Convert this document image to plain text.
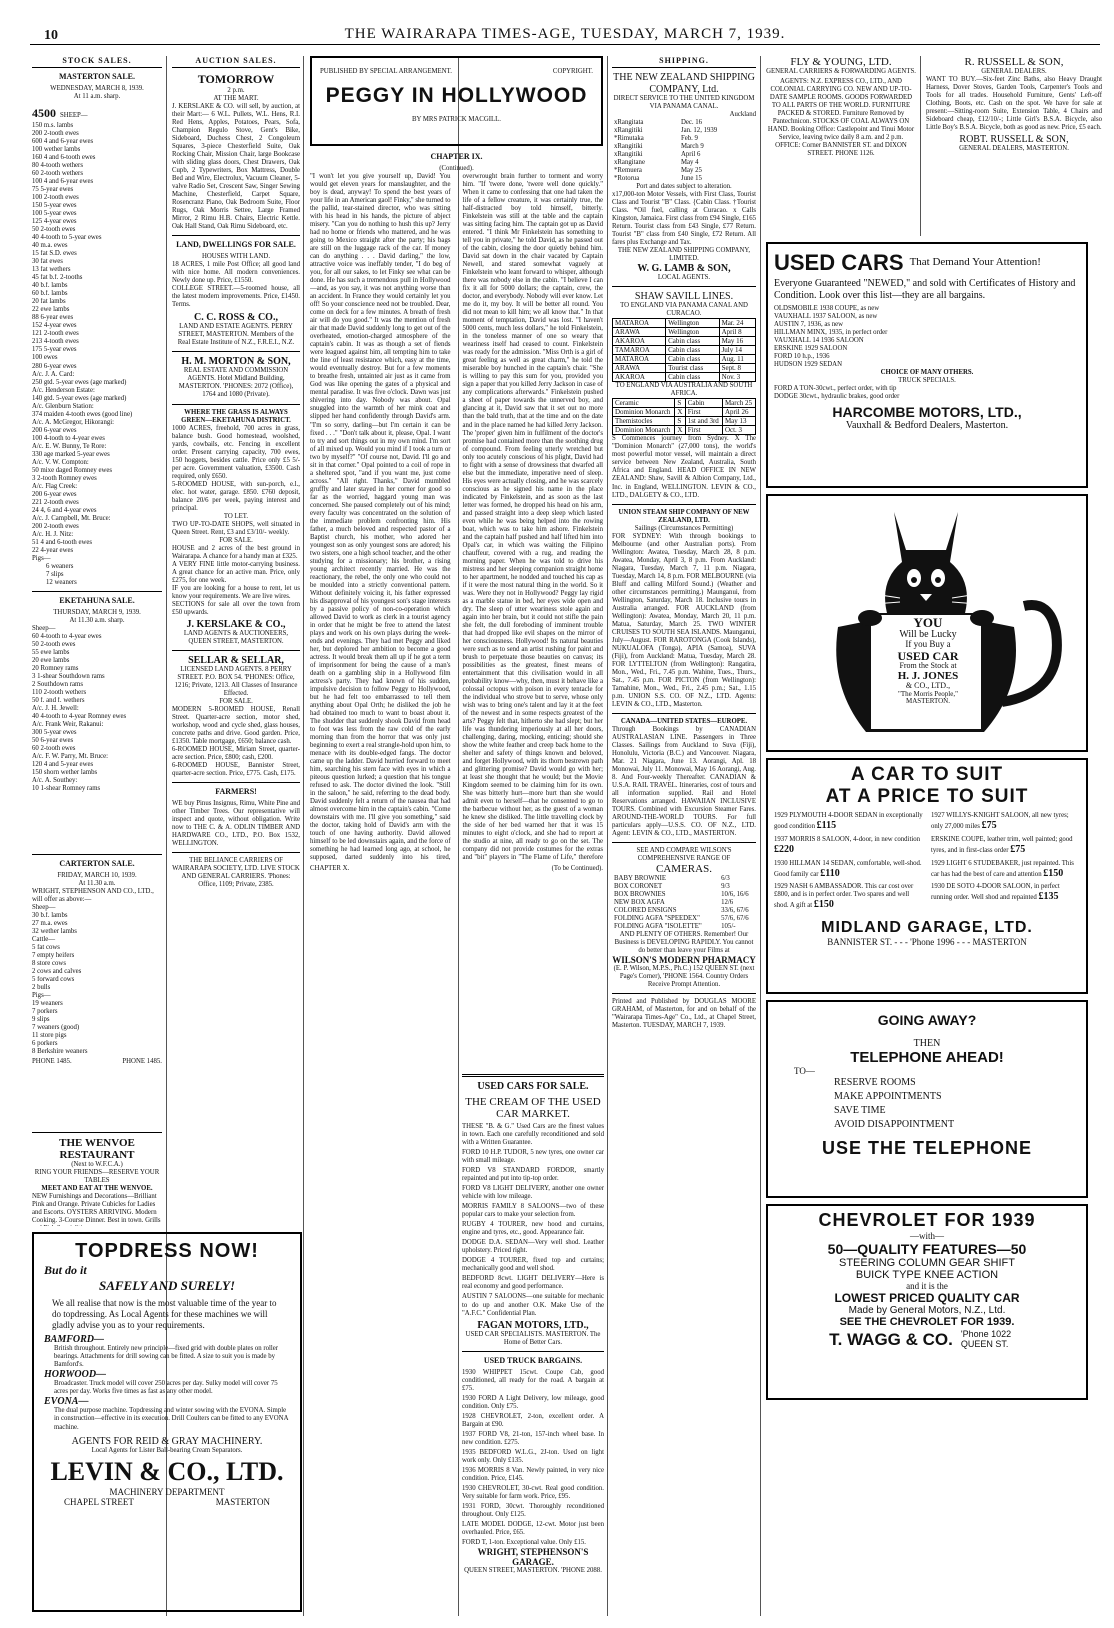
10	THE WAIRARAPA TIMES-AGE, TUESDAY, MARCH 7, 1939.
STOCK SALES.
MASTERTON SALE.
WEDNESDAY, MARCH 8, 1939.
At 11 a.m. sharp.
4500 SHEEP—
150 m.s. lambs
200 2-tooth ewes
600 4 and 6-year ewes
100 wether lambs
160 4 and 6-tooth ewes
80 4-tooth wethers
60 2-tooth wethers
100 4 and 6-year ewes
75 5-year ewes
100 2-tooth ewes
150 5-year ewes
100 5-year ewes
125 4-year ewes
50 2-tooth ewes
40 4-tooth to 5-year ewes
40 m.a. ewes
15 fat S.D. ewes
30 fat ewes
13 fat wethers
45 fat b.f. 2-tooths
40 b.f. lambs
60 b.f. lambs
20 fat lambs
22 ewe lambs
88 6-year ewes
152 4-year ewes
121 2-tooth ewes
213 4-tooth ewes
175 5-year ewes
100 ewes
280 6-year ewes
A/c. J. A. Card:
250 gtd. 5-year ewes (age marked)
A/c. Henderson Estate:
140 gtd. 5-year ewes (age marked)
A/c. Glenburn Station:
374 maiden 4-tooth ewes (good line)
A/c. A. McGregor, Hikorangi:
200 6-year ewes
100 4-tooth to 4-year ewes
A/c. E. W. Bunny, Te Rore:
330 age marked 5-year ewes
A/c. V. W. Compton:
50 mixe daged Romney ewes
3 2-tooth Romney ewes
A/c. Flag Creek:
200 6-year ewes
221 2-tooth ewes
24 4, 6 and 4-year ewes
A/c. J. Campbell, Mt. Bruce:
200 2-tooth ewes
A/c. H. J. Nitz:
51 4 and 6-tooth ewes
22 4-year ewes
Pigs—
6 weaners
7 slips
12 weaners
EKETAHUNA SALE.
THURSDAY, MARCH 9, 1939.
At 11.30 a.m. sharp.
Sheep—
60 4-tooth to 4-year ewes
50 2-tooth ewes
55 ewe lambs
20 ewe lambs
20 Romney rams
3 1-shear Southdown rams
2 Southdown rams
110 2-tooth wethers
50 f. and f. wethers
A/c. J. H. Jewell:
40 4-tooth to 4-year Romney ewes
A/c. Frank Weir, Rakanui:
300 5-year ewes
50 6-year ewes
60 2-tooth ewes
A/c. F. W. Parry, Mt. Bruce:
120 4 and 5-year ewes
150 shorn wether lambs
A/c. A. Southey:
10 1-shear Romney rams
CARTERTON SALE.
FRIDAY, MARCH 10, 1939.
At 11.30 a.m.
WRIGHT, STEPHENSON AND CO., LTD., will offer as above:—
Sheep—
30 b.f. lambs
27 m.a. ewes
32 wether lambs
Cattle—
5 fat cows
7 empty heifers
8 store cows
2 cows and calves
5 forward cows
2 bulls
Pigs—
19 weaners
7 porkers
9 slips
7 weaners (good)
11 store pigs
6 porkers
8 Berkshire weaners
PHONE 1485.	PHONE 1485.
THE WENVOE RESTAURANT
(Next to W.F.C.A.)
RING YOUR FRIENDS—RESERVE YOUR TABLES
MEET AND EAT AT THE WENVOE.
NEW Furnishings and Decorations—Brilliant Pink and Orange. Private Cubicles for Ladies and Escorts. OYSTERS ARRIVING. Modern Cooking. 3-Course Dinner. Best in town. Grills
AUCTION SALES.
TOMORROW
2 p.m.
AT THE MART.
J. KERSLAKE & CO. will sell, by auction, at their Mart:— 6 W.L. Pullets, W.L. Hens, R.I. Red Hens, Apples, Potatoes, Pears, Sofa, Champion Regulo Stove, Gent's Bike, Sideboard, Duchess Chest, 2 Congoleum Squares, 3-piece Chesterfield Suite, Oak Rocking Chair, Mission Chair, large Bookcase with sliding glass doors, Chest Drawers, Oak Cupb, 2 Typewriters, Box Mattress, Double Bed and Wire, Electrolux, Vacuum Cleaner, 5-valve Radio Set, Crescent Saw, Singer Sewing Machine, Chesterfield, Carpet Square, Rosencranz Piano, Oak Bedroom Suite, Floor Rugs, Oak Morris Settee, Large Framed Mirror, 2 Rimu H.B. Chairs, Electric Kettle. Oak Hall Stand, Oak Rimu Sideboard, etc.
LAND, DWELLINGS FOR SALE.
HOUSES WITH LAND.
18 ACRES, 1 mile Post Office; all good land with nice home. All modern conveniences. Newly done up. Price, £1550.
COLLEGE STREET.—5-roomed house, all the latest modern improvements. Price, £1450. Terms.
C. C. ROSS & CO.,
LAND AND ESTATE AGENTS. PERRY STREET, MASTERTON. Members of the Real Estate Institute of N.Z., F.R.E.I., N.Z.
H. M. MORTON & SON,
REAL ESTATE AND COMMISSION AGENTS. Hotel Midland Building, MASTERTON. 'PHONES: 2072 (Office), 1764 and 1080 (Private).
WHERE THE GRASS IS ALWAYS GREEN—EKETAHUNA DISTRICT.
1000 ACRES, freehold, 700 acres in grass, balance bush. Good homestead, woolshed, yards, cowbails, etc. Fencing in excellent order. Present carrying capacity, 700 ewes, 150 hoggets, besides cattle. Price only £5 5/- per acre. Government valuation, £3500. Cash required, only £650.
5-ROOMED HOUSE, with sun-porch, e.l., elec. hot water, garage. £850. £760 deposit, balance 20/6 per week, paying interest and principal.
TO LET.
TWO UP-TO-DATE SHOPS, well situated in Queen Street. Rent, £3 and £3/10/- weekly.
FOR SALE.
HOUSE and 2 acres of the best ground in Wairarapa. A chance for a handy man at £325.
A VERY FINE little motor-carrying business. A great chance for an active man. Price, only £275, for one week.
IF you are looking for a house to rent, let us know your requirements. We are live wires.
SECTIONS for sale all over the town from £50 upwards.
J. KERSLAKE & CO.,
LAND AGENTS & AUCTIONEERS, QUEEN STREET, MASTERTON.
SELLAR & SELLAR,
LICENSED LAND AGENTS. 8 PERRY STREET. P.O. BOX 54. 'PHONES: Office, 1216; Private, 1213. All Classes of Insurance Effected.
FOR SALE.
MODERN 5-ROOMED HOUSE, Renall Street. Quarter-acre section, motor shed, workshop, wood and cycle shed, glass houses, concrete paths and drive. Good garden. Price, £1350. Table mortgage, £650; balance cash.
6-ROOMED HOUSE, Miriam Street, quarter-acre section. Price, £800; cash, £200.
6-ROOMED HOUSE, Bannister Street, quarter-acre section. Price, £775. Cash, £175.
FARMERS!
WE buy Pinus Insignus, Rimu, White Pine and other Timber Trees. Our representative will inspect and quote, without obligation. Write now to THE C. & A. ODLIN TIMBER AND HARDWARE CO., LTD., P.O. Box 1532, WELLINGTON.
THE BELIANCE CARRIERS OF WAIRARAPA SOCIETY, LTD. LIVE STOCK AND GENERAL CARRIERS. 'Phones: Office, 1109; Private, 2385.
PUBLISHED BY SPECIAL ARRANGEMENT.	COPYRIGHT.
PEGGY IN HOLLYWOOD
BY MRS PATRICK MACGILL.
CHAPTER IX.
(Continued).
"I won't let you give yourself up, David! You would get eleven years for manslaughter, and the boy is dead, anyway! To spend the best years of your life in an American gaol! Finky," she turned to the pallid, tear-stained director, who was sitting with his head in his hands, the picture of abject misery. "Can you do nothing to hush this up? Jerry had no home or friends who mattered, and he was going to Mexico straight after the party; his bags are still on the luggage rack of the car. If money can do anything . . . David darling," the low, attractive voice was ineffably tender, "I do beg of you, for all our sakes, to let Finky see what can be done. He has such a tremendous pull in Hollywood—and, as you say, it was not anything worse than an accident. In France they would certainly let you off! So your conscience need not be troubled. Dear, come on deck for a few minutes. A breath of fresh air will do you good." It was the mention of fresh air that made David suddenly long to get out of the overheated, emotion-charged atmosphere of the captain's cabin. It was as though a set of fiends were leagued against him, all tempting him to take the line of least resistance which, easy at the time, would eventually destroy. But for a few moments to breathe fresh, untainted air just as it came from God was like opening the gates of a physical and mental paradise. It was five o'clock. Dawn was just shivering into day. Nobody was about. Opal snuggled into the warmth of her mink coat and slipped her hand confidently through David's arm. "I'm so sorry, darling—but I'm certain it can be fixed . . ." "Don't talk about it, please, Opal. I want to try and sort things out in my own mind. I'm sort of all mixed up. Would you mind if I took a turn or two by myself?" "Of course not, David. I'll go and sit in that corner." Opal pointed to a coil of rope in a sheltered spot, "and if you want me, just come across." "All right. Thanks," David mumbled gruffly and later stayed in her corner for good so far as the worried, haggard young man was concerned. She paused completely out of his mind; every faculty was concentrated on the solution of the immediate problem confronting him. His father, a much beloved and respected pastor of a Baptist church, his mother, who adored her youngest son as only youngest sons are adored; his two sisters, one a high school teacher, and the other studying for a missionary; his brother, a rising young architect recently married. He was the reactionary, the rebel, the only one who could not be moulded into a strictly conventional pattern. Without definitely voicing it, his father expressed his disapproval of his youngest son's stage interests by a passive policy of non-co-operation which allowed David to work as clerk in a tourist agency in order that he might be free to attend the latest plays and work on his own plays during the week-ends and evenings. They had met Peggy and liked her, but deplored her ambition to become a good actress. It would break them all up if he got a term of imprisonment for being the cause of a man's death on a gambling ship in a Hollywood film actress's party. They had known of his sudden, impulsive decision to follow Peggy to Hollywood, but he had felt too embarrassed to tell them anything about Opal Orth; he disliked the job he had obtained too much to want to boast about it. The shudder that suddenly shook David from head to foot was less from the raw cold of the early morning than from the horror that was only just beginning to exert a real strangle-hold upon him, to menace with its double-edged fangs. The doctor came up the ladder. David hurried forward to meet him, searching his stern face with eyes in which a piteous question lurked; a question that his tongue refused to ask. The doctor divined the look. "Still in the saloon," he said, referring to the dead body. David suddenly felt a return of the nausea that had almost overcome him in the captain's cabin. "Come downstairs with me. I'll give you something," said the doctor, taking hold of David's arm with the touch of one having authority. David allowed himself to be led downstairs again, and the force of something he had learned long ago, at school, he supposed, darted suddenly into his tired, overwrought brain further to torment and worry him. "If 'twere done, 'twere well done quickly." When it came to confessing that one had taken the life of a fellow creature, it was certainly true, the half-distracted boy told himself, bitterly. Finkelstein was still at the table and the captain was sitting facing him. The captain got up as David entered. "I think Mr Finkelstein has something to tell you in private," he told David, as he passed out of the cabin, closing the door quietly behind him. David sat down in the chair vacated by Captain Newell, and stared somewhat vaguely at Finkelstein who leant forward to whisper, although there was nobody else in the cabin. "I believe I can fix it all for 5000 dollars; the captain, crew, the doctor, and everybody. Nobody will ever know. Let me do it, my boy. It will be better all round. You did not mean to kill him; we all know that." In that moment of temptation, David was lost. "I haven't 5000 cents, much less dollars," he told Finkelstein, in the toneless manner of one so weary that weariness itself had ceased to count. Finkelstein was ready for the admission. "Miss Orth is a girl of great feeling as well as great charm," he told the miserable boy hunched in the captain's chair. "She is willing to pay this sum for you, provided you sign a paper that you killed Jerry Jackson in case of any complications afterwards." Finkelstein pushed a sheet of paper towards the unnerved boy, and glancing at it, David saw that it set out no more than the bald truth, that at the time and on the date and in the place named he had killed Jerry Jackson. The 'proper' given him in fulfilment of the doctor's promise had contained more than the soothing drug of compound. From feeling utterly wretched but only too acutely conscious of his plight, David had to fight with a sense of drowsiness that dwarfed all else but the immediate, imperative need of sleep. His eyes were actually closing, and he was scarcely conscious as he signed his name in the place indicated by Finkelstein, and as soon as the last letter was formed, he dropped his head on his arm, and passed straight into a deep sleep which lasted even while he was being helped into the rowing boat, which was to take him ashore. Finkelstein and the captain half pushed and half lifted him into Opal's car, in which was waiting the Filipino chauffeur, covered with a rug, and reading the morning paper. When he was told to drive his mistress and her sleeping companion straight home to her apartment, he nodded and touched his cap as if it were the most natural thing in the world. So it was. Were they not in Hollywood? Peggy lay rigid as a marble statue in bed, her eyes wide open and dry. The sleep of utter weariness stole again and again into her brain, but it could not stifle the pain she felt, the dull foreboding of imminent trouble that had dropped like evil shapes on the mirror of her consciousness. Hollywood! Its natural beauties were such as to send an artist rushing for paint and brush to perpetuate those beauties on canvas; its possibilities as the greatest, finest means of entertainment that this civilisation would in all probability know—why, then, must it behave like a colossal octopus with poison in every tentacle for the individual who strove but to serve, whose only wish was to bring one's talent and lay it at the feet of the newest and in some respects greatest of the arts? Peggy felt that, hitherto she had slept; but her life was thundering imperiously at all her doors, challenging, daring, mocking, enticing; should she show the white feather and creep back home to the shelter and safety of things known and beloved, and forget Hollywood, with its thorn bestrewn path and glittering promise? David would go with her; at least she thought that he would; but the Movie Kingdom seemed to be claiming him for its own. She was bitterly hurt—more hurt than she would admit even to herself—that he consented to go to the barbecue without her, as the guest of a woman he knew she disliked. The little travelling clock by the side of her bed warned her that it was 15 minutes to eight o'clock, and she had to report at the studio at nine, all ready to go on the set. The company did not provide costumes for the extras and "bit" players in "The Flame of Life," therefore
CHAPTER X.	(To be Continued).
USED CARS FOR SALE.
THE CREAM OF THE USED CAR MARKET.
THESE "B. & G." Used Cars are the finest values in town. Each one carefully reconditioned and sold with a Written Guarantee.
FORD 10 H.P. TUDOR, 5 new tyres, one owner car with small mileage.
FORD V8 STANDARD FORDOR, smartly repainted and put into tip-top order.
FORD V8 LIGHT DELIVERY, another one owner vehicle with low mileage.
MORRIS FAMILY 8 SALOONS—two of these popular cars to make your selection from.
RUGBY 4 TOURER, new hood and curtains, engine and tyres, etc., good. Appearance fair.
DODGE D.A. SEDAN—Very well shod. Leather upholstery. Priced right.
DODGE 4 TOURER, fixed top and curtains; mechanically good and well shod.
BEDFORD 8cwt. LIGHT DELIVERY—Here is real economy and good performance.
AUSTIN 7 SALOONS—one suitable for mechanic to do up and another O.K. Make Use of the "A.F.C." Confidential Plan.
FAGAN MOTORS, LTD.,
USED CAR SPECIALISTS. MASTERTON. The Home of Better Cars.
USED TRUCK BARGAINS.
1930 WHIPPET 15cwt. Coupe Cab, good conditioned, all ready for the road. A bargain at £75.
1930 FORD A Light Delivery, low mileage, good condition. Only £75.
1928 CHEVROLET, 2-ton, excellent order. A Bargain at £90.
1937 FORD V8, 21-ton, 157-inch wheel base. In new condition. £275.
1935 BEDFORD W.L.G., 2J-ton. Used on light work only. Only £135.
1936 MORRIS 8 Van. Newly painted, in very nice condition. Price, £145.
1930 CHEVROLET, 30-cwt. Real good condition. Very suitable for farm work. Price, £95.
1931 FORD, 30cwt. Thoroughly reconditioned throughout. Only £125.
LATE MODEL DODGE, 12-cwt. Motor just been overhauled. Price, £65.
FORD T, 1-ton. Exceptional value. Only £15.
WRIGHT, STEPHENSON'S GARAGE.
QUEEN STREET, MASTERTON. 'PHONE 2088.
SHIPPING.
THE NEW ZEALAND SHIPPING COMPANY, Ltd.
DIRECT SERVICE TO THE UNITED KINGDOM VIA PANAMA CANAL.
Auckland
xRangitata	Dec. 16
xRangitiki	Jan. 12, 1939
*Rimutaka	Feb. 9
xRangitiki	March 9
xRangitiki	April 6
xRangitane	May 4
*Remuera	May 25
*Rotorua	June 15
Port and dates subject to alteration.
x17,000-ton Motor Vessels, with First Class, Tourist Class and Tourist "B" Class. {Cabin Class. †Tourist Class. *Oil fuel, calling at Curacao. x Calls Kingston, Jamaica. First class from £94 Single, £165 Return. Tourist class from £43 Single, £77 Return. Tourist "B" class from £40 Single, £72 Return. All fares plus Exchange and Tax.
THE NEW ZEALAND SHIPPING COMPANY, LIMITED.
W. G. LAMB & SON,
LOCAL AGENTS.
SHAW SAVILL LINES.
TO ENGLAND VIA PANAMA CANAL AND CURACAO.
MATAROA	Wellington	Mar. 24
ARAWA	Wellington	April 8
AKAROA	Cabin class	May 16
TAMAROA	Cabin class	July 14
MATAROA	Cabin class	Aug. 11
ARAWA	Tourist class	Sept. 8
AKAROA	Cabin class	Nov. 3
TO ENGLAND VIA AUSTRALIA AND SOUTH AFRICA.
Ceramic	S	Cabin	March 25
Dominion Monarch	X	First	April 26
Themistocles	S	1st and 3rd	May 13
Dominion Monarch	X	First	Oct. 3
S Commences journey from Sydney. X The "Dominion Monarch" (27,000 tons), the world's most powerful motor vessel, will maintain a direct service between New Zealand, Australia, South Africa and England. HEAD OFFICE IN NEW ZEALAND: Shaw, Savill & Albion Company, Ltd., Inc. in England, WELLINGTON. LEVIN & CO., LTD., DALGETY & CO., LTD.
UNION STEAM SHIP COMPANY OF NEW ZEALAND, LTD.
Sailings (Circumstances Permitting)
FOR SYDNEY: With through bookings to Melbourne (and other Australian ports). From Wellington: Awatea, Tuesday, March 28, 8 p.m. Awatea, Monday, April 3, 8 p.m. From Auckland: Niagara, Tuesday, March 7, 11 p.m. Niagara, Tuesday, March 14, 8 p.m. FOR MELBOURNE (via Bluff and calling Milford Sound.) (Weather and other circumstances permitting.) Maunganui, from Wellington, Saturday, March 18. Inclusive tours in Australia arranged. FOR AUCKLAND (from Wellington): Awatea, Monday, March 20, 11 p.m. Matua, Saturday, March 25. TWO WINTER CRUISES TO SOUTH SEA ISLANDS. Maunganui, July—August. FOR RAROTONGA (Cook Islands), NUKUALOFA (Tonga), APIA (Samoa), SUVA (Fiji), from Auckland: Matua, Tuesday, March 28. FOR LYTTELTON (from Wellington): Rangatira, Mon., Wed., Fri., 7.45 p.m. Wahine, Tues., Thurs., Sat., 7.45 p.m. FOR PICTON (from Wellington): Tamahine, Mon., Wed., Fri., 2.45 p.m.; Sat., 1.15 p.m. UNION S.S. CO. OF N.Z., LTD. Agents: LEVIN & CO., LTD., Masterton.
CANADA—UNITED STATES—EUROPE.
Through Bookings by CANADIAN AUSTRALASIAN LINE. Passengers in Three Classes. Sailings from Auckland to Suva (Fiji), Honolulu, Victoria (B.C.) and Vancouver. Niagara, Mar. 21 Niagara, June 13. Aorangi, Apl. 18 Monowai, July 11. Monowai, May 16 Aorangi, Aug. 8. And Four-weekly Thereafter. CANADIAN & U.S.A. RAIL TRAVEL. Itineraries, cost of tours and all information supplied. Rail and Hotel Reservations arranged. HAWAIIAN INCLUSIVE TOURS. Combined with Excursion Steamer Fares. AROUND-THE-WORLD TOURS. For full particulars apply—U.S.S. CO. OF N.Z., LTD. Agent: LEVIN & CO., LTD., MASTERTON.
SEE AND COMPARE WILSON'S COMPREHENSIVE RANGE OF
CAMERAS.
BABY BROWNIE	6/3
BOX CORONET	9/3
BOX BROWNIES	10/6, 16/6
NEW BOX AGFA	12/6
COLORED ENSIGNS	33/6, 67/6
FOLDING AGFA "SPEEDEX"	57/6, 67/6
FOLDING AGFA "ISOLETTE"	105/-
AND PLENTY OF OTHERS. Remember! Our Business is DEVELOPING RAPIDLY. You cannot do better than leave your Films at
WILSON'S MODERN PHARMACY
(E. P. Wilson, M.P.S., Ph.C.) 152 QUEEN ST. (next Page's Corner), 'PHONE 1564. Country Orders Receive Prompt Attention.
Printed and Published by DOUGLAS MOORE GRAHAM, of Masterton, for and on behalf of the "Wairarapa Times-Age" Co., Ltd., at Chapel Street, Masterton. TUESDAY, MARCH 7, 1939.
FLY & YOUNG, LTD.
GENERAL CARRIERS & FORWARDING AGENTS.
AGENTS: N.Z. EXPRESS CO., LTD., AND COLONIAL CARRYING CO. NEW AND UP-TO-DATE SAMPLE ROOMS. GOODS FORWARDED TO ALL PARTS OF THE WORLD. FURNITURE PACKED & STORED. Furniture Removed by Pantechnicon. STOCKS OF COAL ALWAYS ON HAND. Booking Office: Castlepoint and Tinui Motor Service, leaving twice daily 8 a.m. and 2 p.m. OFFICE: Corner BANNISTER ST. and DIXON STREET. PHONE 1126.
R. RUSSELL & SON,
GENERAL DEALERS.
WANT TO BUY.—Six-feet Zinc Baths, also Heavy Draught Harness, Dover Stoves, Garden Tools, Carpenter's Tools and Tools for all trades. Household Furniture, Gents' Left-off Clothing, Boots, etc. Cash on the spot. We have for sale at present:—Sitting-room Suite, Extension Table, 4 Chairs and Sideboard cheap, £12/10/-; Little Girl's B.S.A. Bicycle, also Little Boy's B.S.A. Bicycle, both as good as new. Price, £5 each.
ROBT. RUSSELL & SON,
GENERAL DEALERS, MASTERTON.
USED CARS That Demand Your Attention!
Everyone Guaranteed "NEWED," and sold with Certificates of History and Condition. Look over this list—they are all bargains.
OLDSMOBILE 1938 COUPE, as new
VAUXHALL 1937 SALOON, as new
AUSTIN 7, 1936, as new
HILLMAN MINX, 1935, in perfect order
VAUXHALL 14 1936 SALOON
ERSKINE 1929 SALOON
FORD 10 h.p., 1936
HUDSON 1929 SEDAN
CHOICE OF MANY OTHERS.
TRUCK SPECIALS.
FORD A TON-30cwt., perfect order, with tip
DODGE 30cwt., hydraulic brakes, good order
HARCOMBE MOTORS, LTD.,
Vauxhall & Bedford Dealers, Masterton.
YOU
Will be Lucky
If you Buy a
USED CAR
From the Stock at
H. J. JONES
& CO., LTD.,
"The Morris People,"
MASTERTON.
A CAR TO SUIT
AT A PRICE TO SUIT
1929 PLYMOUTH 4-DOOR SEDAN in exceptionally good condition £115
1937 MORRIS 8 SALOON, 4-door, in new condition £220
1930 HILLMAN 14 SEDAN, comfortable, well-shod. Good family car £110
1929 NASH 6 AMBASSADOR. This car cost over £800, and is in perfect order. Two spares and well shod. A gift at £150
1927 WILLYS-KNIGHT SALOON, all new tyres; only 27,000 miles £75
ERSKINE COUPE, leather trim, well painted; good tyres, and in first-class order £75
1929 LIGHT 6 STUDEBAKER, just repainted. This car has had the best of care and attention £150
1930 DE SOTO 4-DOOR SALOON, in perfect running order. Well shod and repainted £135
MIDLAND GARAGE, LTD.
BANNISTER ST. - - - 'Phone 1996 - - - MASTERTON
GOING AWAY?
THEN
TELEPHONE AHEAD!
TO—
RESERVE ROOMS
MAKE APPOINTMENTS
SAVE TIME
AVOID DISAPPOINTMENT
USE THE TELEPHONE
CHEVROLET FOR 1939
—with—
50—QUALITY FEATURES—50
STEERING COLUMN GEAR SHIFT
BUICK TYPE KNEE ACTION
and it is the
LOWEST PRICED QUALITY CAR
Made by General Motors, N.Z., Ltd.
SEE THE CHEVROLET FOR 1939.
T. WAGG & CO. 'Phone 1022 QUEEN ST.
TOPDRESS NOW!
But do it
SAFELY AND SURELY!
We all realise that now is the most valuable time of the year to do topdressing. As Local Agents for these machines we will gladly advise you as to your requirements.
BAMFORD—
British throughout. Entirely new principle—fixed grid with double plates on roller bearings. Attachments for drill sowing can be fitted. A size to suit you is made by Bamford's.
HORWOOD—
Broadcaster. Truck model will cover 250 acres per day. Sulky model will cover 75 acres per day. Works five times as fast as any other model.
EVONA—
The dual purpose machine. Topdressing and winter sowing with the EVONA. Simple in construction—effective in its execution. Drill Coulters can be fitted to any EVONA machine.
AGENTS FOR REID & GRAY MACHINERY.
Local Agents for Lister Ball-bearing Cream Separators.
LEVIN & CO., LTD.
MACHINERY DEPARTMENT
CHAPEL STREET	MASTERTON
